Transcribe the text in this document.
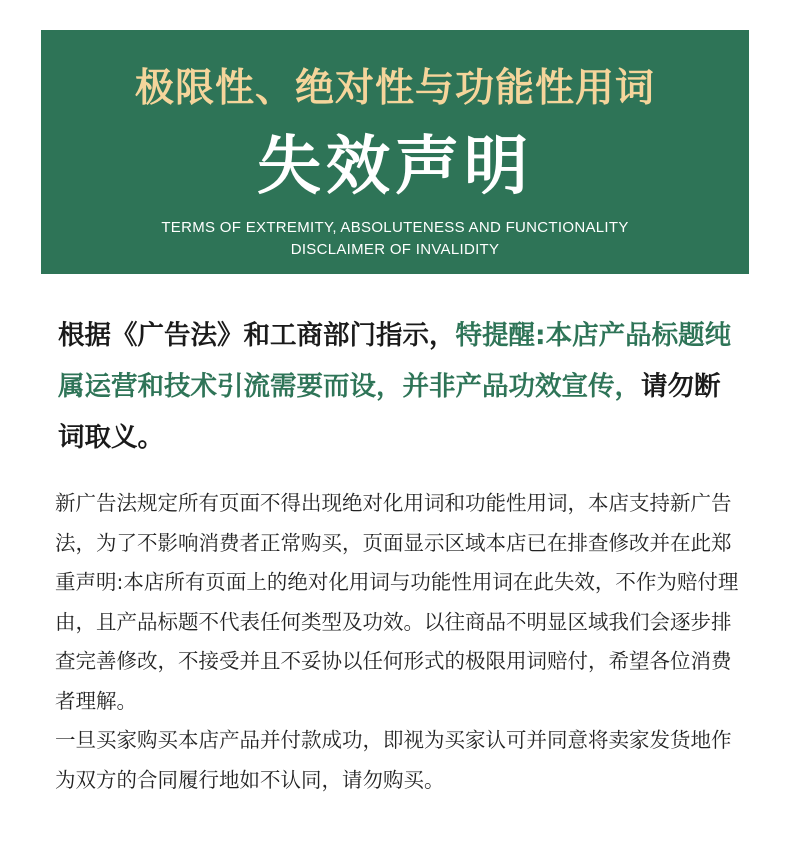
极限性、绝对性与功能性用词
失效声明
TERMS OF EXTREMITY, ABSOLUTENESS AND FUNCTIONALITY
DISCLAIMER OF INVALIDITY
根据《广告法》和工商部门指示，特提醒:本店产品标题纯属运营和技术引流需要而设，并非产品功效宣传，请勿断词取义。

新广告法规定所有页面不得出现绝对化用词和功能性用词，本店支持新广告法，为了不影响消费者正常购买，页面显示区域本店已在排查修改并在此郑重声明:本店所有页面上的绝对化用词与功能性用词在此失效，不作为赔付理由，且产品标题不代表任何类型及功效。以往商品不明显区域我们会逐步排查完善修改，不接受并且不妥协以任何形式的极限用词赔付，希望各位消费者理解。

一旦买家购买本店产品并付款成功，即视为买家认可并同意将卖家发货地作为双方的合同履行地如不认同，请勿购买。
